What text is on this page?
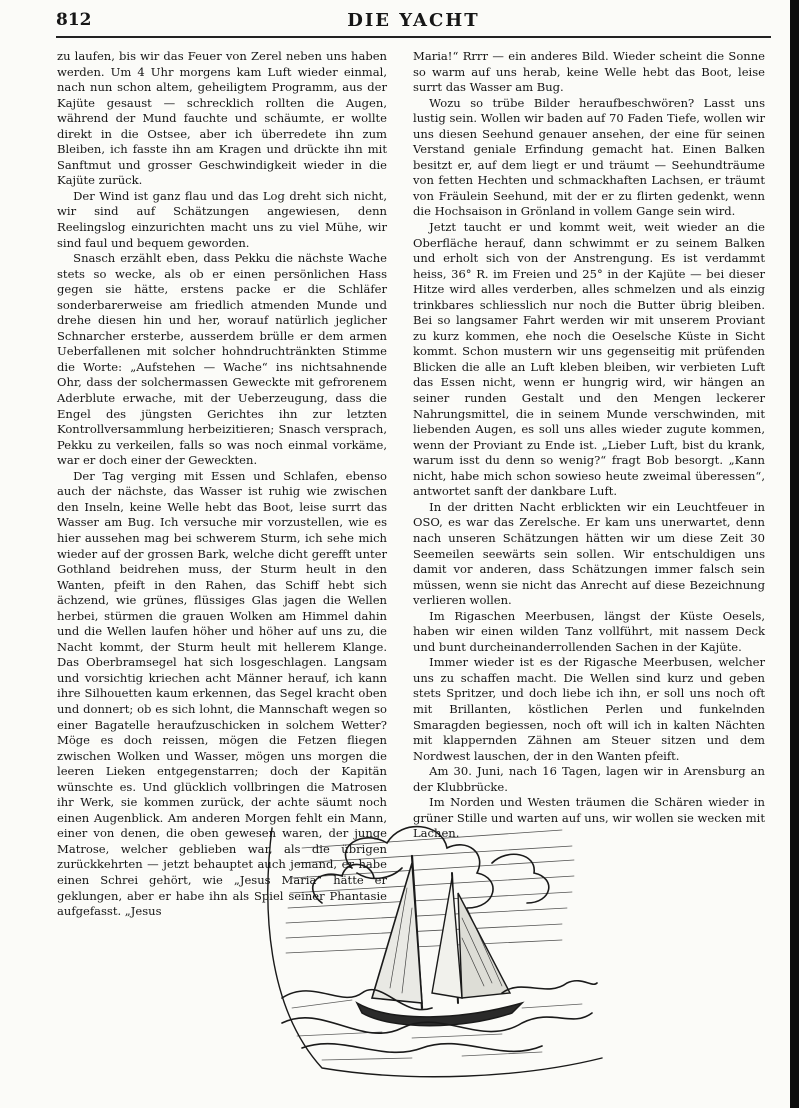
812	DIE YACHT

zu laufen, bis wir das Feuer von Zerel neben uns haben werden. Um 4 Uhr morgens kam Luft wieder einmal, nach nun schon altem, geheiligtem Programm, aus der Kajüte gesaust — schrecklich rollten die Augen, während der Mund fauchte und schäumte, er wollte direkt in die Ostsee, aber ich überredete ihn zum Bleiben, ich fasste ihn am Kragen und drückte ihn mit Sanftmut und grosser Geschwindigkeit wieder in die Kajüte zurück.

Der Wind ist ganz flau und das Log dreht sich nicht, wir sind auf Schätzungen angewiesen, denn Reelingslog einzurichten macht uns zu viel Mühe, wir sind faul und bequem geworden.

Snasch erzählt eben, dass Pekku die nächste Wache stets so wecke, als ob er einen persönlichen Hass gegen sie hätte, erstens packe er die Schläfer sonderbarerweise am friedlich atmenden Munde und drehe diesen hin und her, worauf natürlich jeglicher Schnarcher ersterbe, ausserdem brülle er dem armen Ueberfallenen mit solcher hohndruchtränkten Stimme die Worte: „Aufstehen — Wache“ ins nichtsahnende Ohr, dass der solchermassen Geweckte mit gefrorenem Aderblute erwache, mit der Ueberzeugung, dass die Engel des jüngsten Gerichtes ihn zur letzten Kontrollversammlung herbeizitieren; Snasch versprach, Pekku zu verkeilen, falls so was noch einmal vorkäme, war er doch einer der Geweckten.

Der Tag verging mit Essen und Schlafen, ebenso auch der nächste, das Wasser ist ruhig wie zwischen den Inseln, keine Welle hebt das Boot, leise surrt das Wasser am Bug. Ich versuche mir vorzustellen, wie es hier aussehen mag bei schwerem Sturm, ich sehe mich wieder auf der grossen Bark, welche dicht gerefft unter Gothland beidrehen muss, der Sturm heult in den Wanten, pfeift in den Rahen, das Schiff hebt sich ächzend, wie grünes, flüssiges Glas jagen die Wellen herbei, stürmen die grauen Wolken am Himmel dahin und die Wellen laufen höher und höher auf uns zu, die Nacht kommt, der Sturm heult mit hellerem Klange. Das Oberbramsegel hat sich losgeschlagen. Langsam und vorsichtig kriechen acht Männer herauf, ich kann ihre Silhouetten kaum erkennen, das Segel kracht oben und donnert; ob es sich lohnt, die Mannschaft wegen so einer Bagatelle heraufzuschicken in solchem Wetter? Möge es doch reissen, mögen die Fetzen fliegen zwischen Wolken und Wasser, mögen uns morgen die leeren Lieken entgegenstarren; doch der Kapitän wünschte es. Und glücklich vollbringen die Matrosen ihr Werk, sie kommen zurück, der achte säumt noch einen Augenblick. Am anderen Morgen fehlt ein Mann, einer von denen, die oben gewesen waren, der junge Matrose, welcher geblieben war, als die übrigen zurückkehrten — jetzt behauptet auch jemand, er habe einen Schrei gehört, wie „Jesus Maria“ hätte er geklungen, aber er habe ihn als Spiel seiner Phantasie aufgefasst. „Jesus

Maria!“ Rrrr — ein anderes Bild. Wieder scheint die Sonne so warm auf uns herab, keine Welle hebt das Boot, leise surrt das Wasser am Bug.

Wozu so trübe Bilder heraufbeschwören? Lasst uns lustig sein. Wollen wir baden auf 70 Faden Tiefe, wollen wir uns diesen Seehund genauer ansehen, der eine für seinen Verstand geniale Erfindung gemacht hat. Einen Balken besitzt er, auf dem liegt er und träumt — Seehundträume von fetten Hechten und schmackhaften Lachsen, er träumt von Fräulein Seehund, mit der er zu flirten gedenkt, wenn die Hochsaison in Grönland in vollem Gange sein wird.

Jetzt taucht er und kommt weit, weit wieder an die Oberfläche herauf, dann schwimmt er zu seinem Balken und erholt sich von der Anstrengung. Es ist verdammt heiss, 36° R. im Freien und 25° in der Kajüte — bei dieser Hitze wird alles verderben, alles schmelzen und als einzig trinkbares schliesslich nur noch die Butter übrig bleiben. Bei so langsamer Fahrt werden wir mit unserem Proviant zu kurz kommen, ehe noch die Oeselsche Küste in Sicht kommt. Schon mustern wir uns gegenseitig mit prüfenden Blicken die alle an Luft kleben bleiben, wir verbieten Luft das Essen nicht, wenn er hungrig wird, wir hängen an seiner runden Gestalt und den Mengen leckerer Nahrungsmittel, die in seinem Munde verschwinden, mit liebenden Augen, es soll uns alles wieder zugute kommen, wenn der Proviant zu Ende ist. „Lieber Luft, bist du krank, warum isst du denn so wenig?“ fragt Bob besorgt. „Kann nicht, habe mich schon sowieso heute zweimal überessen“, antwortet sanft der dankbare Luft.

In der dritten Nacht erblickten wir ein Leuchtfeuer in OSO, es war das Zerelsche. Er kam uns unerwartet, denn nach unseren Schätzungen hätten wir um diese Zeit 30 Seemeilen seewärts sein sollen. Wir entschuldigen uns damit vor anderen, dass Schätzungen immer falsch sein müssen, wenn sie nicht das Anrecht auf diese Bezeichnung verlieren wollen.

Im Rigaschen Meerbusen, längst der Küste Oesels, haben wir einen wilden Tanz vollführt, mit nassem Deck und bunt durcheinanderrollenden Sachen in der Kajüte.

Immer wieder ist es der Rigasche Meerbusen, welcher uns zu schaffen macht. Die Wellen sind kurz und geben stets Spritzer, und doch liebe ich ihn, er soll uns noch oft mit Brillanten, köstlichen Perlen und funkelnden Smaragden begiessen, noch oft will ich in kalten Nächten mit klappernden Zähnen am Steuer sitzen und dem Nordwest lauschen, der in den Wanten pfeift.

Am 30. Juni, nach 16 Tagen, lagen wir in Arensburg an der Klubbrücke.

Im Norden und Westen träumen die Schären wieder in grüner Stille und warten auf uns, wir wollen sie wecken mit Lachen.
